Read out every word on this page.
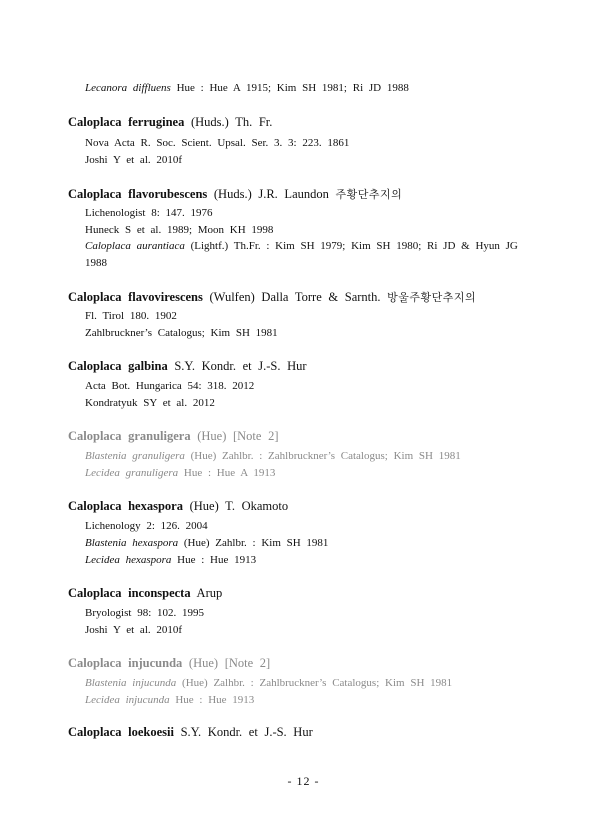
Lecanora diffluens Hue : Hue A 1915; Kim SH 1981; Ri JD 1988
Caloplaca ferruginea (Huds.) Th. Fr.
Nova Acta R. Soc. Scient. Upsal. Ser. 3. 3: 223. 1861
Joshi Y et al. 2010f
Caloplaca flavorubescens (Huds.) J.R. Laundon 주황단추지의
Lichenologist 8: 147. 1976
Huneck S et al. 1989; Moon KH 1998
Caloplaca aurantiaca (Lightf.) Th.Fr. : Kim SH 1979; Kim SH 1980; Ri JD & Hyun JG
1988
Caloplaca flavovirescens (Wulfen) Dalla Torre & Sarnth. 방울주황단추지의
Fl. Tirol 180. 1902
Zahlbruckner’s Catalogus; Kim SH 1981
Caloplaca galbina S.Y. Kondr. et J.-S. Hur
Acta Bot. Hungarica 54: 318. 2012
Kondratyuk SY et al. 2012
Caloplaca granuligera (Hue) [Note 2]
Blastenia granuligera (Hue) Zahlbr. : Zahlbruckner’s Catalogus; Kim SH 1981
Lecidea granuligera Hue : Hue A 1913
Caloplaca hexaspora (Hue) T. Okamoto
Lichenology 2: 126. 2004
Blastenia hexaspora (Hue) Zahlbr. : Kim SH 1981
Lecidea hexaspora Hue : Hue 1913
Caloplaca inconspecta Arup
Bryologist 98: 102. 1995
Joshi Y et al. 2010f
Caloplaca injucunda (Hue) [Note 2]
Blastenia injucunda (Hue) Zalhbr. : Zahlbruckner’s Catalogus; Kim SH 1981
Lecidea injucunda Hue : Hue 1913
Caloplaca loekoesii S.Y. Kondr. et J.-S. Hur
- 12 -
